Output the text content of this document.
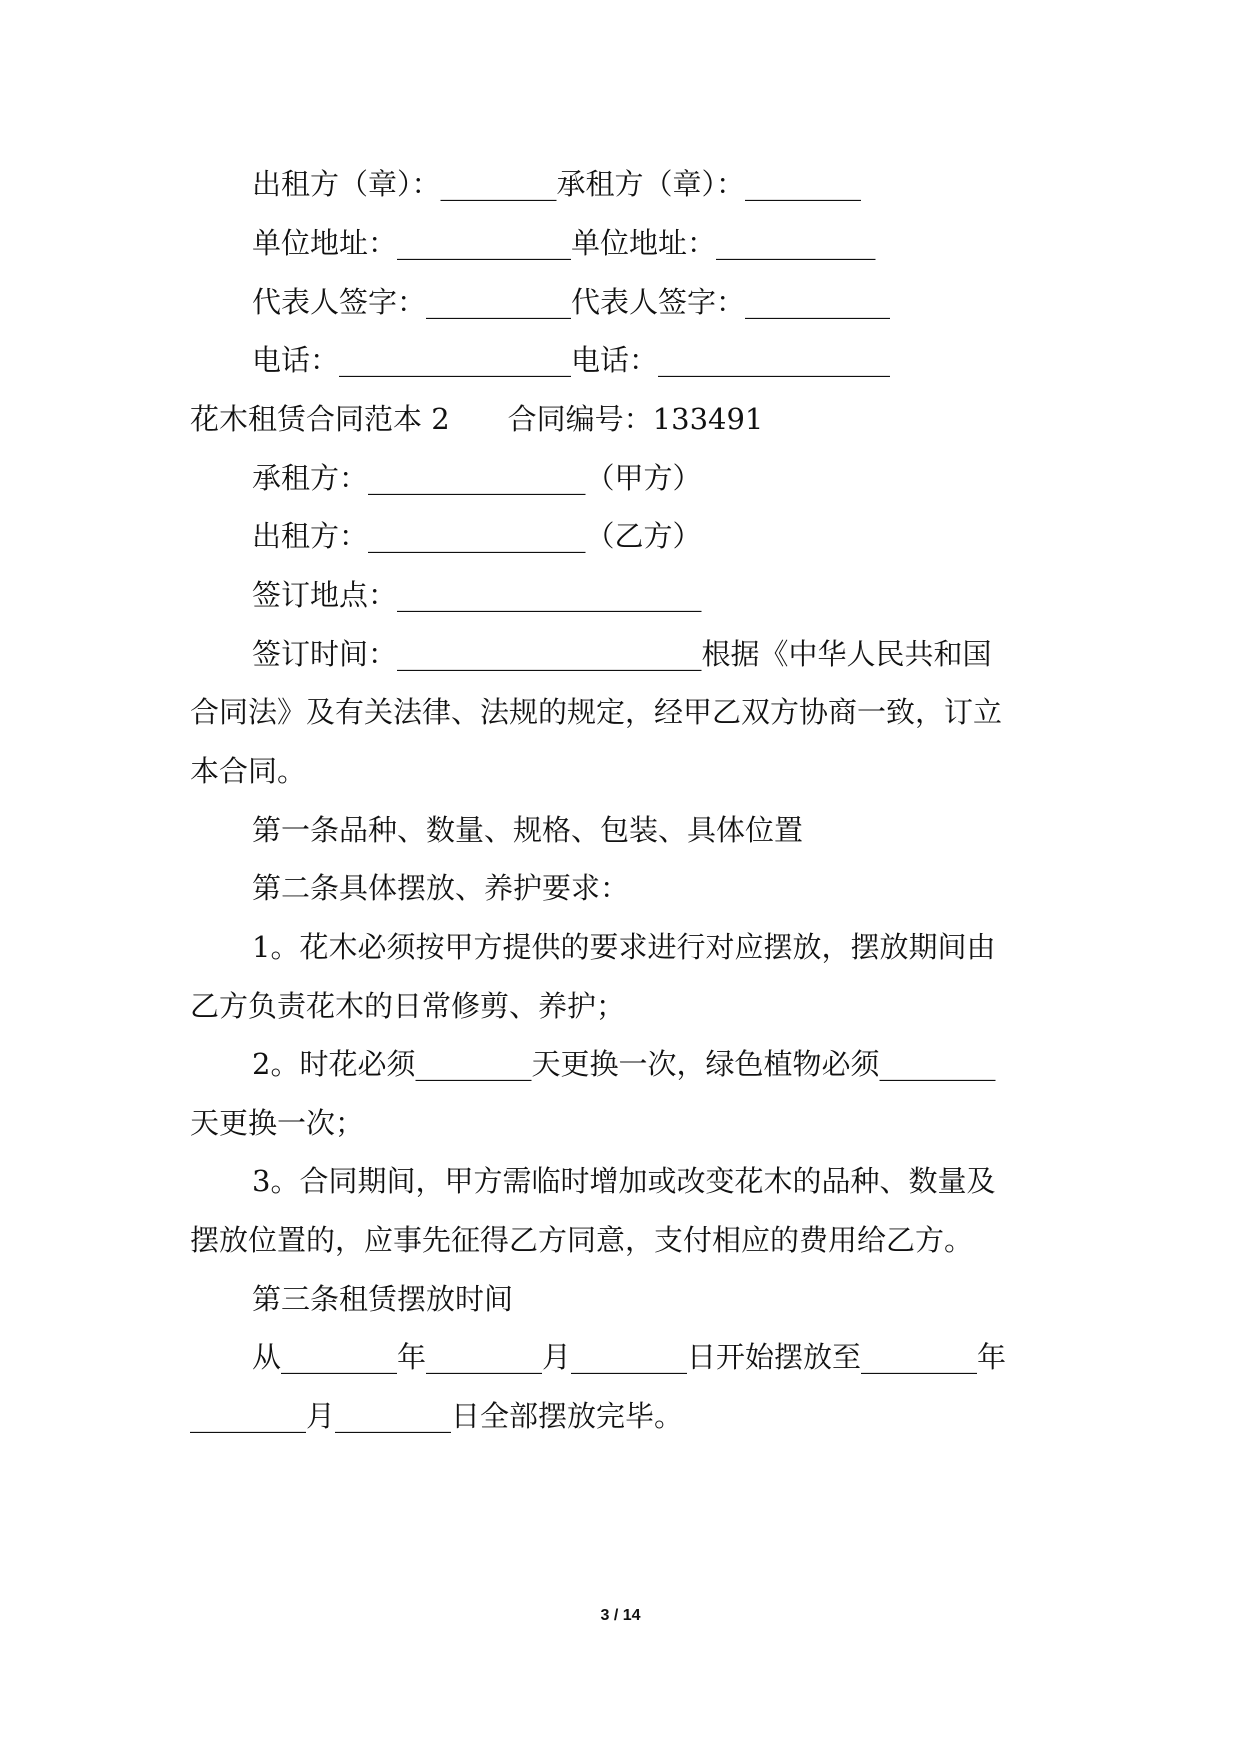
出租方（章）：________承租方（章）：________
单位地址：____________单位地址：___________
代表人签字：__________代表人签字：__________
电话：________________电话：________________
花木租赁合同范本 2　　合同编号：133491
承租方：_______________（甲方）
出租方：_______________（乙方）
签订地点：_____________________
签订时间：_____________________根据《中华人民共和国
合同法》及有关法律、法规的规定，经甲乙双方协商一致，订立
本合同。
第一条品种、数量、规格、包装、具体位置
第二条具体摆放、养护要求：
1。花木必须按甲方提供的要求进行对应摆放，摆放期间由
乙方负责花木的日常修剪、养护；
2。时花必须________天更换一次，绿色植物必须________
天更换一次；
3。合同期间，甲方需临时增加或改变花木的品种、数量及
摆放位置的，应事先征得乙方同意，支付相应的费用给乙方。
第三条租赁摆放时间
从________年________月________日开始摆放至________年
________月________日全部摆放完毕。
3 / 14
